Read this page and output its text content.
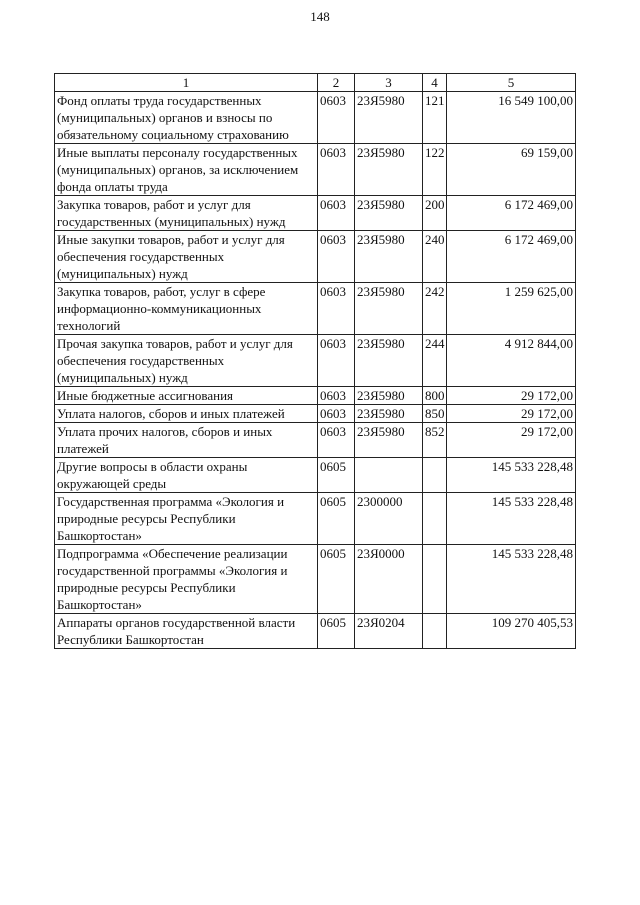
148
1	2	3	4	5
Фонд оплаты труда государственных (муниципальных) органов и взносы по обязательному социальному страхованию	0603	23Я5980	121	16 549 100,00
Иные выплаты персоналу государственных (муниципальных) органов, за исключением фонда оплаты труда	0603	23Я5980	122	69 159,00
Закупка товаров, работ и услуг для государственных (муниципальных) нужд	0603	23Я5980	200	6 172 469,00
Иные закупки товаров, работ и услуг для обеспечения государственных (муниципальных) нужд	0603	23Я5980	240	6 172 469,00
Закупка товаров, работ, услуг в сфере информационно-коммуникационных технологий	0603	23Я5980	242	1 259 625,00
Прочая закупка товаров, работ и услуг для обеспечения государственных (муниципальных) нужд	0603	23Я5980	244	4 912 844,00
Иные бюджетные ассигнования	0603	23Я5980	800	29 172,00
Уплата налогов, сборов и иных платежей	0603	23Я5980	850	29 172,00
Уплата прочих налогов, сборов и иных платежей	0603	23Я5980	852	29 172,00
Другие вопросы в области охраны окружающей среды	0605			145 533 228,48
Государственная программа «Экология и природные ресурсы Республики Башкортостан»	0605	2300000		145 533 228,48
Подпрограмма «Обеспечение реализации государственной программы «Экология и природные ресурсы Республики Башкортостан»	0605	23Я0000		145 533 228,48
Аппараты органов государственной власти Республики Башкортостан	0605	23Я0204		109 270 405,53
